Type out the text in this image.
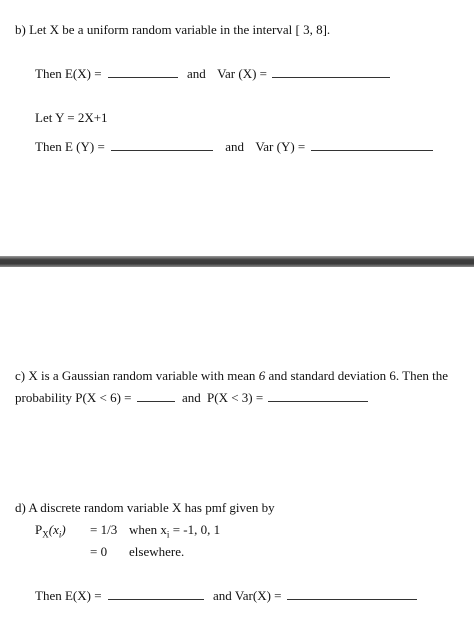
b) Let X be a uniform random variable in the interval [ 3, 8].
Then E(X) =	and Var (X) =
Let Y = 2X+1
Then E (Y) =	and Var (Y) =
c) X is a Gaussian random variable with mean 6 and standard deviation 6. Then the
probability P(X < 6) =	and P(X < 3) =
d) A discrete random variable X has pmf given by
$P_X(x_i) = 1/3$ when $x_i = -1$, 0, 1
= 0 elsewhere.
Then E(X) =	and Var(X) =
